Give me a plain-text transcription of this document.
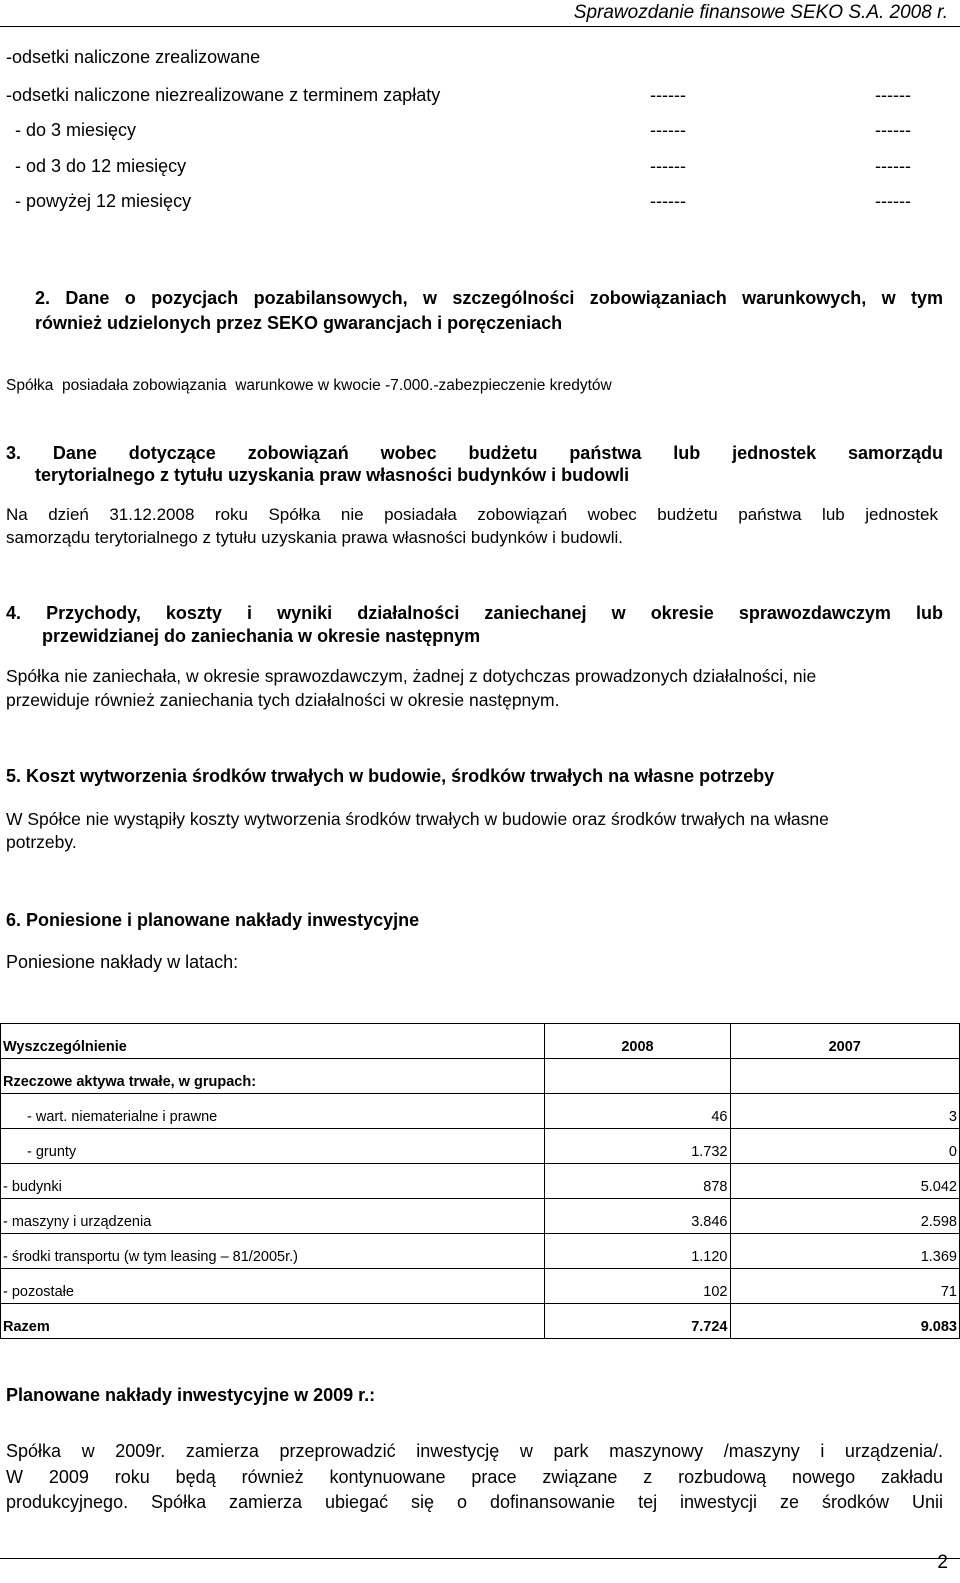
Sprawozdanie finansowe SEKO S.A. 2008 r.
-odsetki naliczone zrealizowane
-odsetki naliczone niezrealizowane z terminem zapłaty	------	------
- do 3 miesięcy	------	------
- od 3 do 12 miesięcy	------	------
- powyżej 12 miesięcy	------	------
2. Dane o pozycjach pozabilansowych, w szczególności zobowiązaniach warunkowych, w tym
również udzielonych przez SEKO gwarancjach i poręczeniach
Spółka  posiadała zobowiązania  warunkowe w kwocie -7.000.-zabezpieczenie kredytów
3. Dane dotyczące zobowiązań wobec budżetu państwa lub jednostek samorządu
terytorialnego z tytułu uzyskania praw własności budynków i budowli
Na dzień 31.12.2008 roku Spółka nie posiadała zobowiązań wobec budżetu państwa lub jednostek
samorządu terytorialnego z tytułu uzyskania prawa własności budynków i budowli.
4. Przychody, koszty i wyniki działalności zaniechanej w okresie sprawozdawczym lub
przewidzianej do zaniechania w okresie następnym
Spółka nie zaniechała, w okresie sprawozdawczym, żadnej z dotychczas prowadzonych działalności, nie
przewiduje również zaniechania tych działalności w okresie następnym.
5. Koszt wytworzenia środków trwałych w budowie, środków trwałych na własne potrzeby
W Spółce nie wystąpiły koszty wytworzenia środków trwałych w budowie oraz środków trwałych na własne
potrzeby.
6. Poniesione i planowane nakłady inwestycyjne
Poniesione nakłady w latach:
Wyszczególnienie	2008	2007
Rzeczowe aktywa trwałe, w grupach:		
- wart. niematerialne i prawne	46	3
- grunty	1.732	0
- budynki	878	5.042
- maszyny i urządzenia	3.846	2.598
- środki transportu (w tym leasing – 81/2005r.)	1.120	1.369
- pozostałe	102	71
Razem	7.724	9.083
Planowane nakłady inwestycyjne w 2009 r.:
Spółka w 2009r. zamierza przeprowadzić inwestycję w park maszynowy /maszyny i urządzenia/.
W 2009 roku będą również kontynuowane prace związane z rozbudową nowego zakładu
produkcyjnego. Spółka zamierza ubiegać się o dofinansowanie tej inwestycji ze środków Unii
2
